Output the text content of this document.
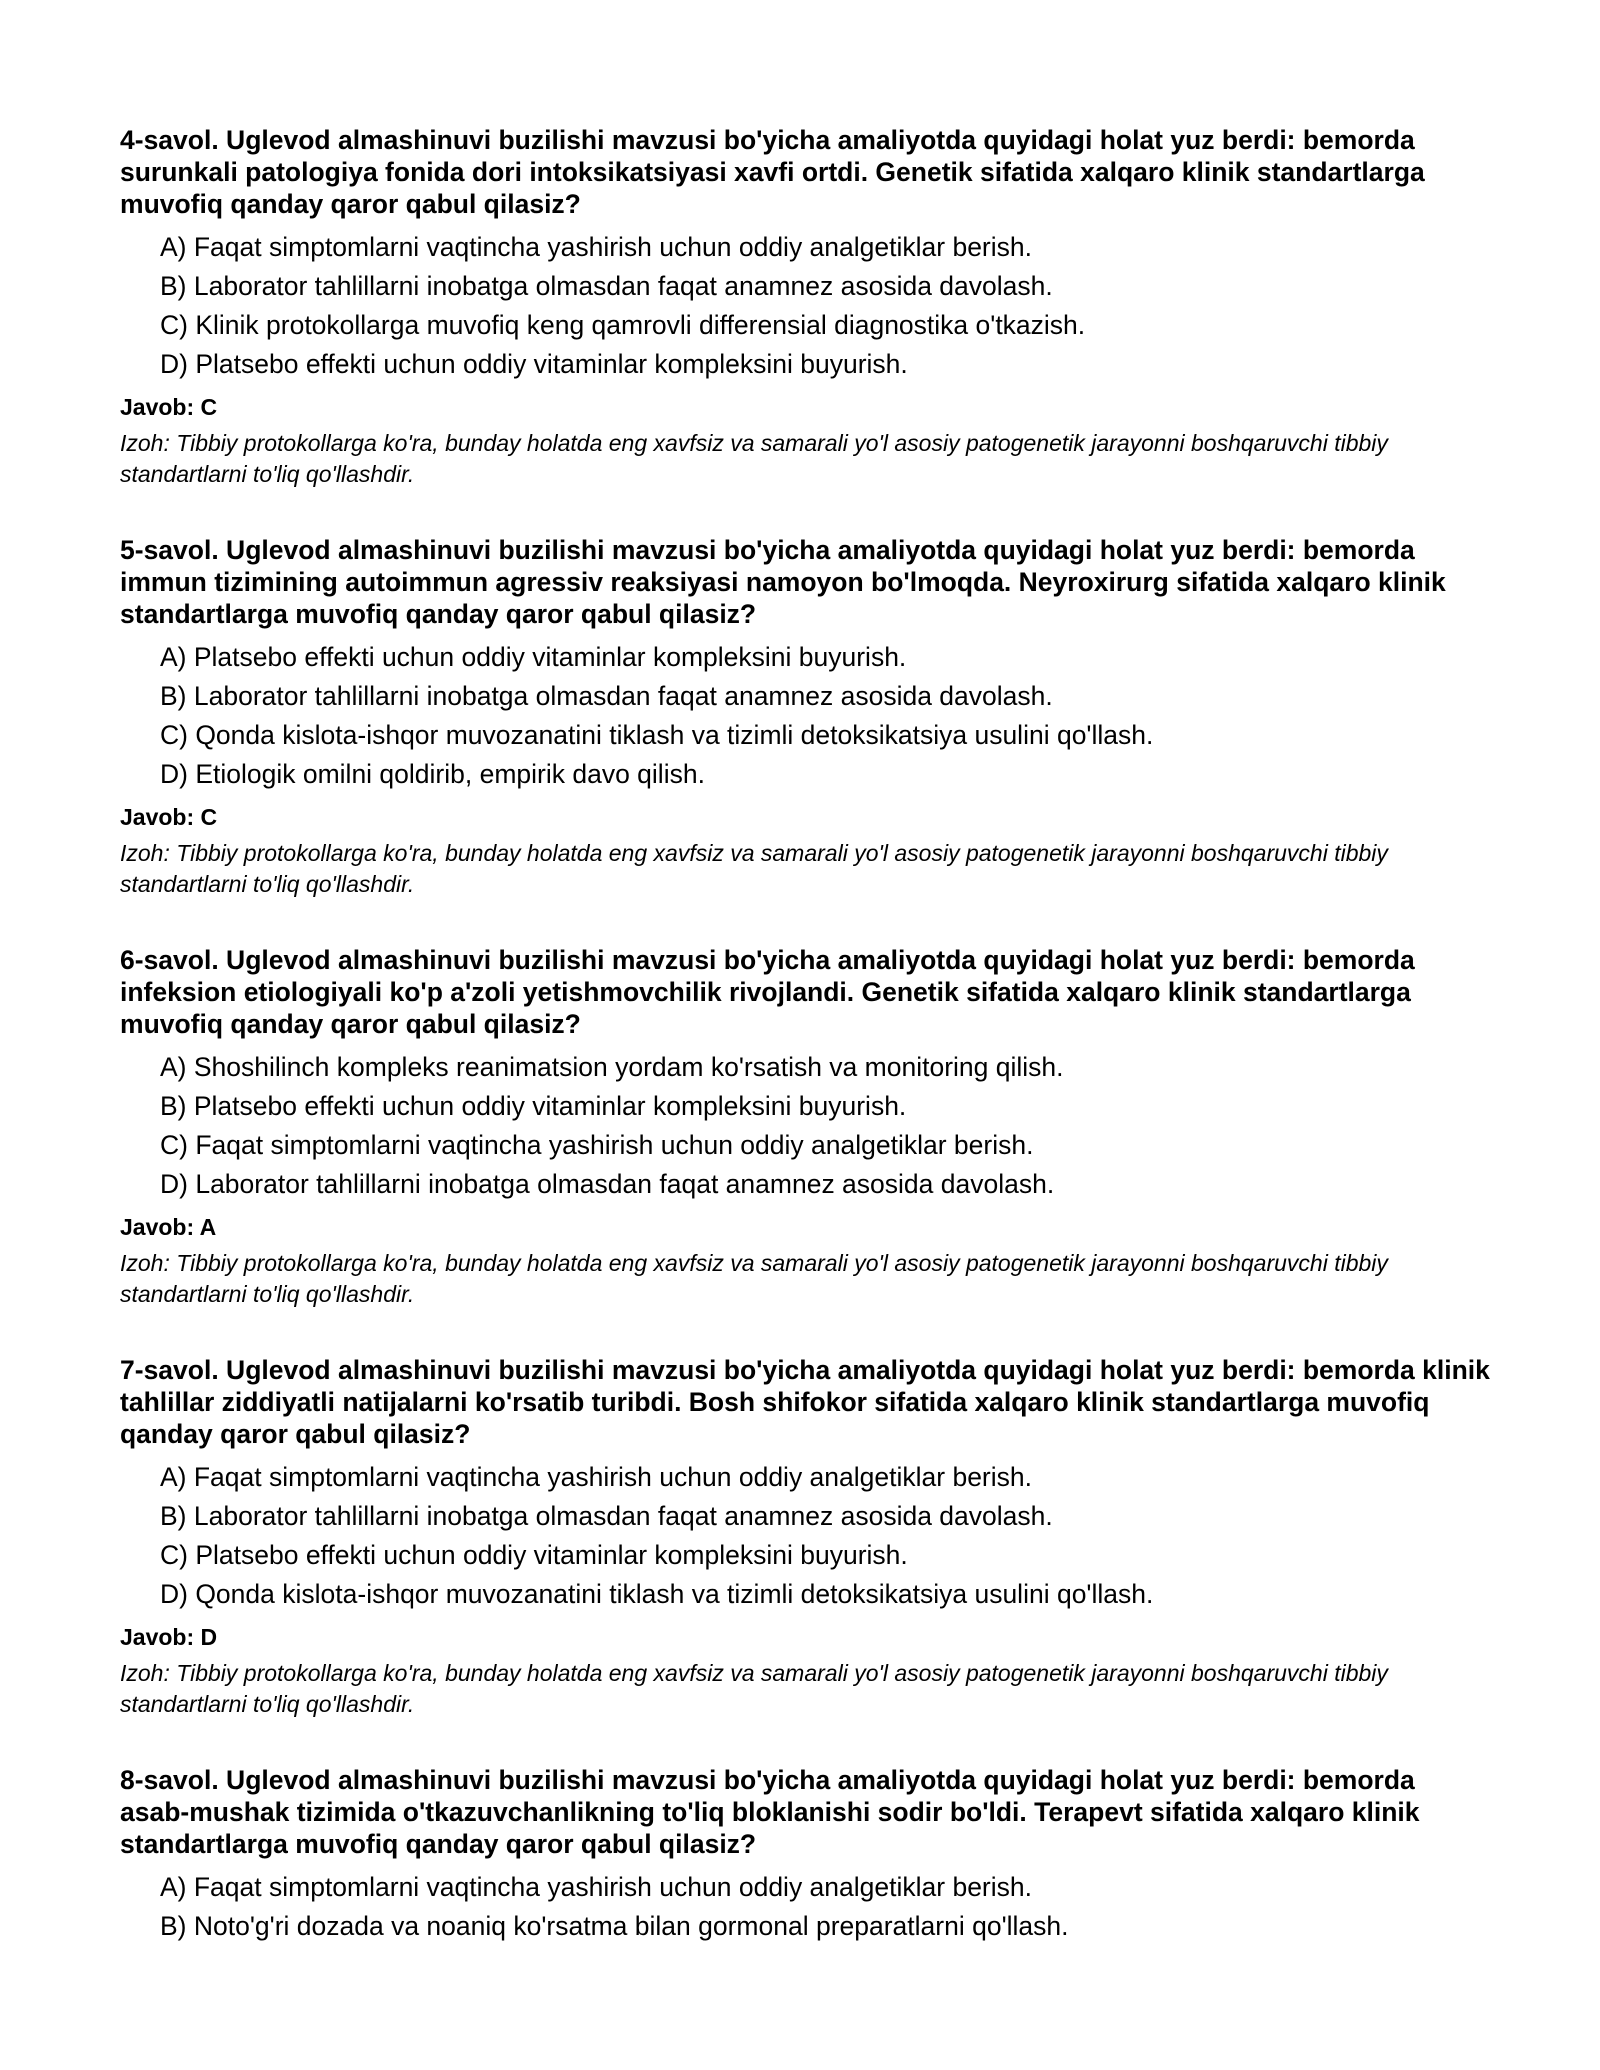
4-savol. Uglevod almashinuvi buzilishi mavzusi bo'yicha amaliyotda quyidagi holat yuz berdi: bemorda surunkali patologiya fonida dori intoksikatsiyasi xavfi ortdi. Genetik sifatida xalqaro klinik standartlarga muvofiq qanday qaror qabul qilasiz?

A) Faqat simptomlarni vaqtincha yashirish uchun oddiy analgetiklar berish.
B) Laborator tahlillarni inobatga olmasdan faqat anamnez asosida davolash.
C) Klinik protokollarga muvofiq keng qamrovli differensial diagnostika o'tkazish.
D) Platsebo effekti uchun oddiy vitaminlar kompleksini buyurish.

Javob: C

Izoh: Tibbiy protokollarga ko'ra, bunday holatda eng xavfsiz va samarali yo'l asosiy patogenetik jarayonni boshqaruvchi tibbiy standartlarni to'liq qo'llashdir.

5-savol. Uglevod almashinuvi buzilishi mavzusi bo'yicha amaliyotda quyidagi holat yuz berdi: bemorda immun tizimining autoimmun agressiv reaksiyasi namoyon bo'lmoqda. Neyroxirurg sifatida xalqaro klinik standartlarga muvofiq qanday qaror qabul qilasiz?

A) Platsebo effekti uchun oddiy vitaminlar kompleksini buyurish.
B) Laborator tahlillarni inobatga olmasdan faqat anamnez asosida davolash.
C) Qonda kislota-ishqor muvozanatini tiklash va tizimli detoksikatsiya usulini qo'llash.
D) Etiologik omilni qoldirib, empirik davo qilish.

Javob: C

Izoh: Tibbiy protokollarga ko'ra, bunday holatda eng xavfsiz va samarali yo'l asosiy patogenetik jarayonni boshqaruvchi tibbiy standartlarni to'liq qo'llashdir.

6-savol. Uglevod almashinuvi buzilishi mavzusi bo'yicha amaliyotda quyidagi holat yuz berdi: bemorda infeksion etiologiyali ko'p a'zoli yetishmovchilik rivojlandi. Genetik sifatida xalqaro klinik standartlarga muvofiq qanday qaror qabul qilasiz?

A) Shoshilinch kompleks reanimatsion yordam ko'rsatish va monitoring qilish.
B) Platsebo effekti uchun oddiy vitaminlar kompleksini buyurish.
C) Faqat simptomlarni vaqtincha yashirish uchun oddiy analgetiklar berish.
D) Laborator tahlillarni inobatga olmasdan faqat anamnez asosida davolash.

Javob: A

Izoh: Tibbiy protokollarga ko'ra, bunday holatda eng xavfsiz va samarali yo'l asosiy patogenetik jarayonni boshqaruvchi tibbiy standartlarni to'liq qo'llashdir.

7-savol. Uglevod almashinuvi buzilishi mavzusi bo'yicha amaliyotda quyidagi holat yuz berdi: bemorda klinik tahlillar ziddiyatli natijalarni ko'rsatib turibdi. Bosh shifokor sifatida xalqaro klinik standartlarga muvofiq qanday qaror qabul qilasiz?

A) Faqat simptomlarni vaqtincha yashirish uchun oddiy analgetiklar berish.
B) Laborator tahlillarni inobatga olmasdan faqat anamnez asosida davolash.
C) Platsebo effekti uchun oddiy vitaminlar kompleksini buyurish.
D) Qonda kislota-ishqor muvozanatini tiklash va tizimli detoksikatsiya usulini qo'llash.

Javob: D

Izoh: Tibbiy protokollarga ko'ra, bunday holatda eng xavfsiz va samarali yo'l asosiy patogenetik jarayonni boshqaruvchi tibbiy standartlarni to'liq qo'llashdir.

8-savol. Uglevod almashinuvi buzilishi mavzusi bo'yicha amaliyotda quyidagi holat yuz berdi: bemorda asab-mushak tizimida o'tkazuvchanlikning to'liq bloklanishi sodir bo'ldi. Terapevt sifatida xalqaro klinik standartlarga muvofiq qanday qaror qabul qilasiz?

A) Faqat simptomlarni vaqtincha yashirish uchun oddiy analgetiklar berish.
B) Noto'g'ri dozada va noaniq ko'rsatma bilan gormonal preparatlarni qo'llash.
